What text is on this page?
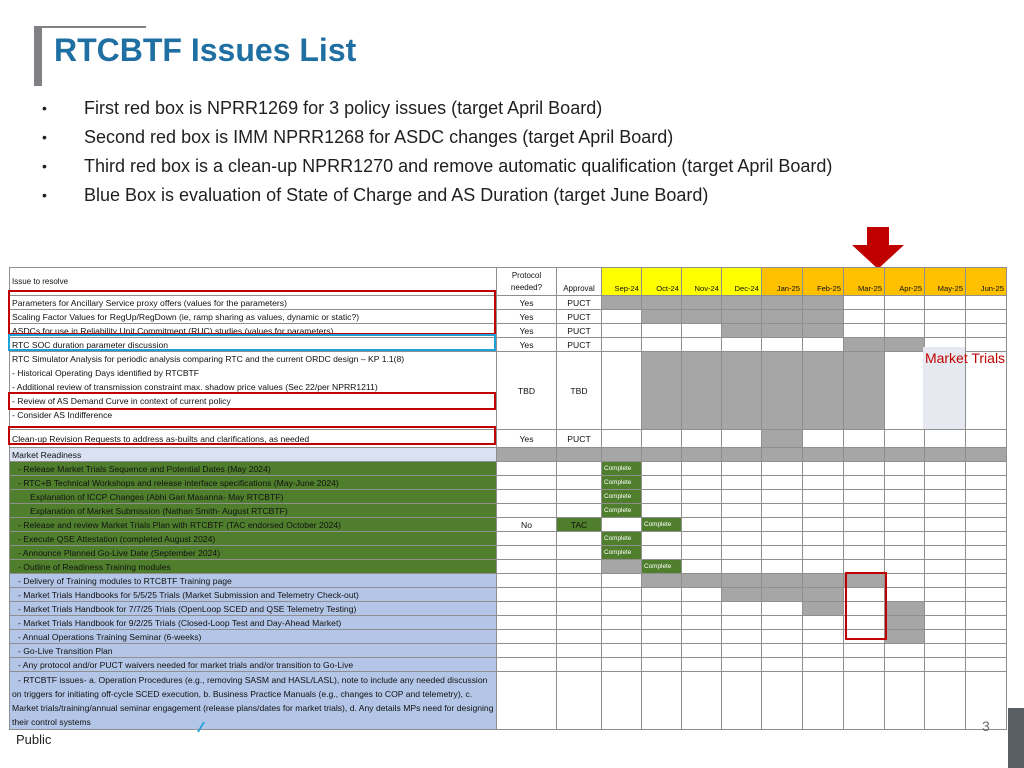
RTCBTF Issues List
• First red box is NPRR1269 for 3 policy issues (target April Board)
• Second red box is IMM NPRR1268 for ASDC changes (target April Board)
• Third red box is a clean-up NPRR1270 and remove automatic qualification (target April Board)
• Blue Box is evaluation of State of Charge and AS Duration (target June Board)
Issue to resolve	Protocol
needed?	Approval	Sep-24	Oct-24	Nov-24	Dec-24	Jan-25	Feb-25	Mar-25	Apr-25	May-25	Jun-25
Parameters for Ancillary Service proxy offers (values for the parameters)	Yes	PUCT										
Scaling Factor Values for RegUp/RegDown (ie, ramp sharing as values, dynamic or static?)	Yes	PUCT										
ASDCs for use in Reliability Unit Commitment (RUC) studies (values for parameters)	Yes	PUCT										
RTC SOC duration parameter discussion	Yes	PUCT										

RTC Simulator Analysis for periodic analysis comparing RTC and the current ORDC design – KP 1.1(8)
- Historical Operating Days identified by RTCBTF
- Additional review of transmission constraint max. shadow price values (Sec 22/per NPRR1211)
- Review of AS Demand Curve in context of current policy
- Consider AS Indifference	TBD	TBD										
Clean-up Revision Requests to address as-builts and clarifications, as needed	Yes	PUCT										
Market Readiness												
- Release Market Trials Sequence and Potential Dates (May 2024)			Complete									
- RTC+B Technical Workshops and release interface specifications (May-June 2024)			Complete									
Explanation of ICCP Changes (Abhi Gari Masanna- May RTCBTF)			Complete									
Explanation of Market Submission (Nathan Smith- August RTCBTF)			Complete									
- Release and review Market Trials Plan with RTCBTF (TAC endorsed October 2024)	No	TAC		Complete								
- Execute QSE Attestation (completed August 2024)			Complete									
- Announce Planned Go-Live Date (September 2024)			Complete									
- Outline of Readiness Training modules				Complete								
- Delivery of Training modules to RTCBTF Training page												
- Market Trials Handbooks for 5/5/25 Trials (Market Submission and Telemetry Check-out)												
- Market Trials Handbook for 7/7/25 Trials (OpenLoop SCED and QSE Telemetry Testing)												
- Market Trials Handbook for 9/2/25 Trials (Closed-Loop Test and Day-Ahead Market)												
- Annual Operations Training Seminar (6-weeks)												
- Go-Live Transition Plan												
- Any protocol and/or PUCT waivers needed for market trials and/or transition to Go-Live												
- RTCBTF issues- a. Operation Procedures (e.g., removing SASM and HASL/LASL), note to include any needed discussion on triggers for initiating off-cycle SCED execution, b. Business Practice Manuals (e.g., changes to COP and telemetry), c. Market trials/training/annual seminar engagement (release plans/dates for market trials), d. Any details MPs need for designing their control systems												
Market Trials
Public
3
